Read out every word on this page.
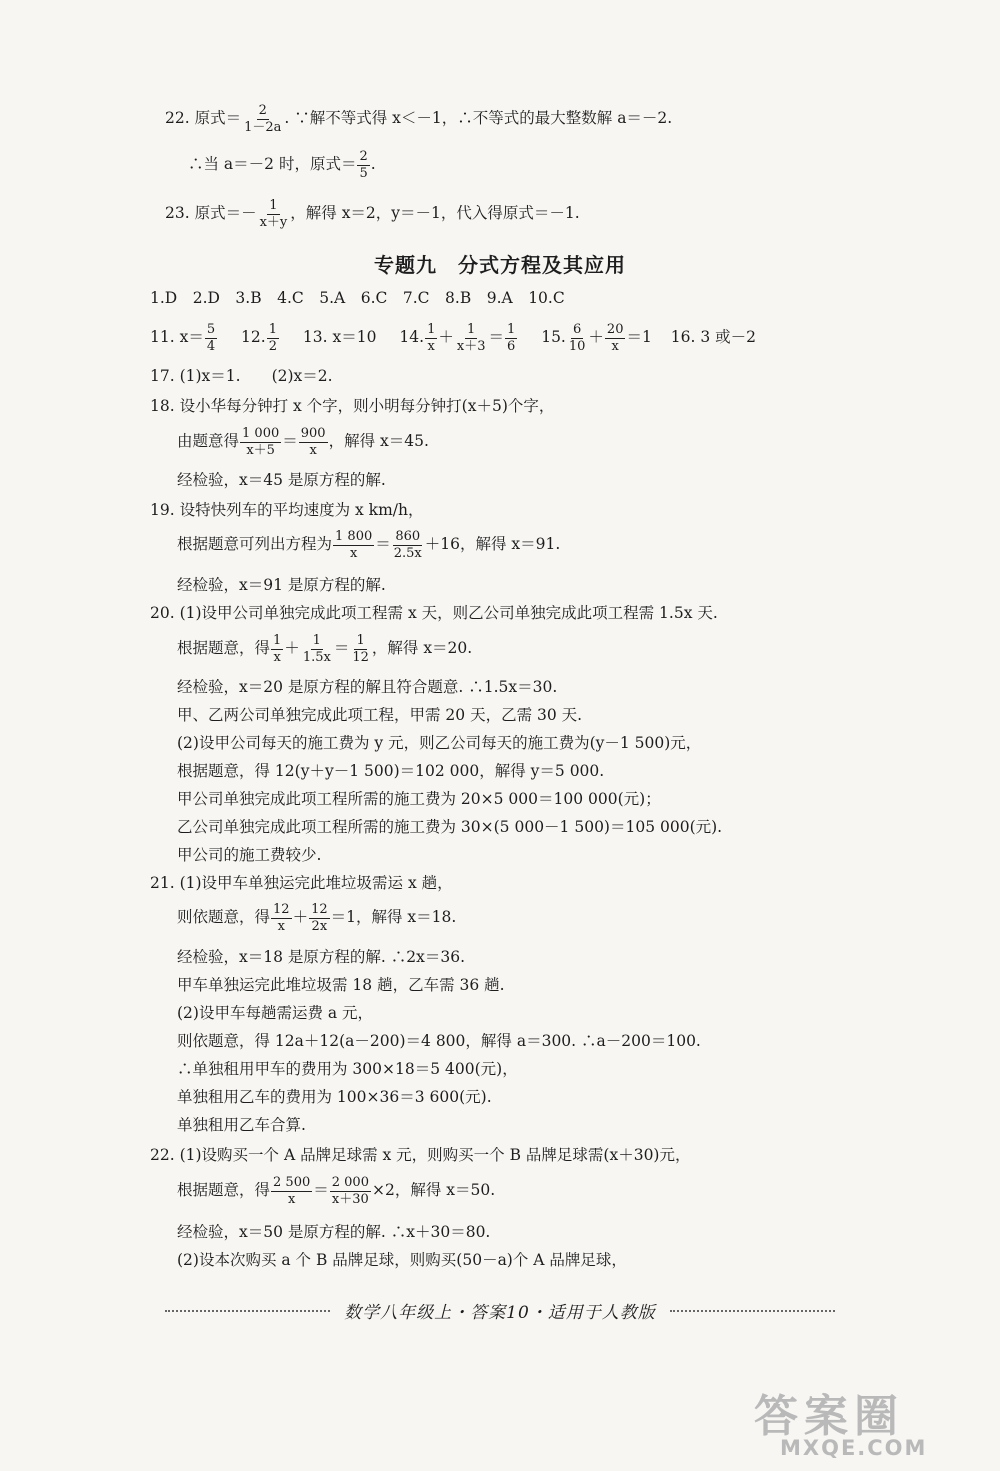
22. 原式＝ $\frac{2}{1-2a}$ . ∵解不等式得 x＜－1，∴不等式的最大整数解 a＝－2.
∴当 a＝－2 时，原式＝ $\frac{2}{5}$ .
23. 原式＝－ $\frac{1}{x+y}$ ，解得 x＝2，y＝－1，代入得原式＝－1.
专题九　分式方程及其应用
1.D　2.D　3.B　4.C　5.A　6.C　7.C　8.B　9.A　10.C
11. $x= \frac{5}{4} 12$. $\frac{1}{2} 13$. x＝10 14. $\frac{1}{x} + \frac{1}{x+3} = \frac{1}{6} 15$. $\frac{6}{10} + \frac{20}{x} =1$ 16. 3 或－2
17. (1)x＝1.　　(2)x＝2.
18. 设小华每分钟打 x 个字，则小明每分钟打(x＋5)个字，
由题意得 $\frac{1 000}{x+5} = \frac{900}{x}$ ，解得 x＝45.
经检验，x＝45 是原方程的解.
19. 设特快列车的平均速度为 x km/h，
根据题意可列出方程为 $\frac{1 800}{x} = \frac{860}{2.5x} +16$，解得 x＝91.
经检验，x＝91 是原方程的解.
20. (1)设甲公司单独完成此项工程需 x 天，则乙公司单独完成此项工程需 1.5x 天.
根据题意，得 $\frac{1}{x} + \frac{1}{1.5x} = \frac{1}{12}$ ，解得 x＝20.
经检验，x＝20 是原方程的解且符合题意. ∴1.5x＝30.
甲、乙两公司单独完成此项工程，甲需 20 天，乙需 30 天.
(2)设甲公司每天的施工费为 y 元，则乙公司每天的施工费为(y－1 500)元，
根据题意，得 12(y＋y－1 500)＝102 000，解得 y＝5 000.
甲公司单独完成此项工程所需的施工费为 20×5 000＝100 000(元)；
乙公司单独完成此项工程所需的施工费为 30×(5 000－1 500)＝105 000(元).
甲公司的施工费较少.
21. (1)设甲车单独运完此堆垃圾需运 x 趟，
则依题意，得 $\frac{12}{x} + \frac{12}{2x} =1$，解得 x＝18.
经检验，x＝18 是原方程的解. ∴2x＝36.
甲车单独运完此堆垃圾需 18 趟，乙车需 36 趟.
(2)设甲车每趟需运费 a 元，
则依题意，得 12a＋12(a－200)＝4 800，解得 a＝300. ∴a－200＝100.
∴单独租用甲车的费用为 300×18＝5 400(元)，
单独租用乙车的费用为 100×36＝3 600(元).
单独租用乙车合算.
22. (1)设购买一个 A 品牌足球需 x 元，则购买一个 B 品牌足球需(x＋30)元，
根据题意，得 $\frac{2 500}{x} = \frac{2 000}{x+30} \times 2$，解得 x＝50.
经检验，x＝50 是原方程的解. ∴x＋30＝80.
(2)设本次购买 a 个 B 品牌足球，则购买(50－a)个 A 品牌足球，
数学八年级上・答案10・适用于人教版
答案圈
MXQE.COM
